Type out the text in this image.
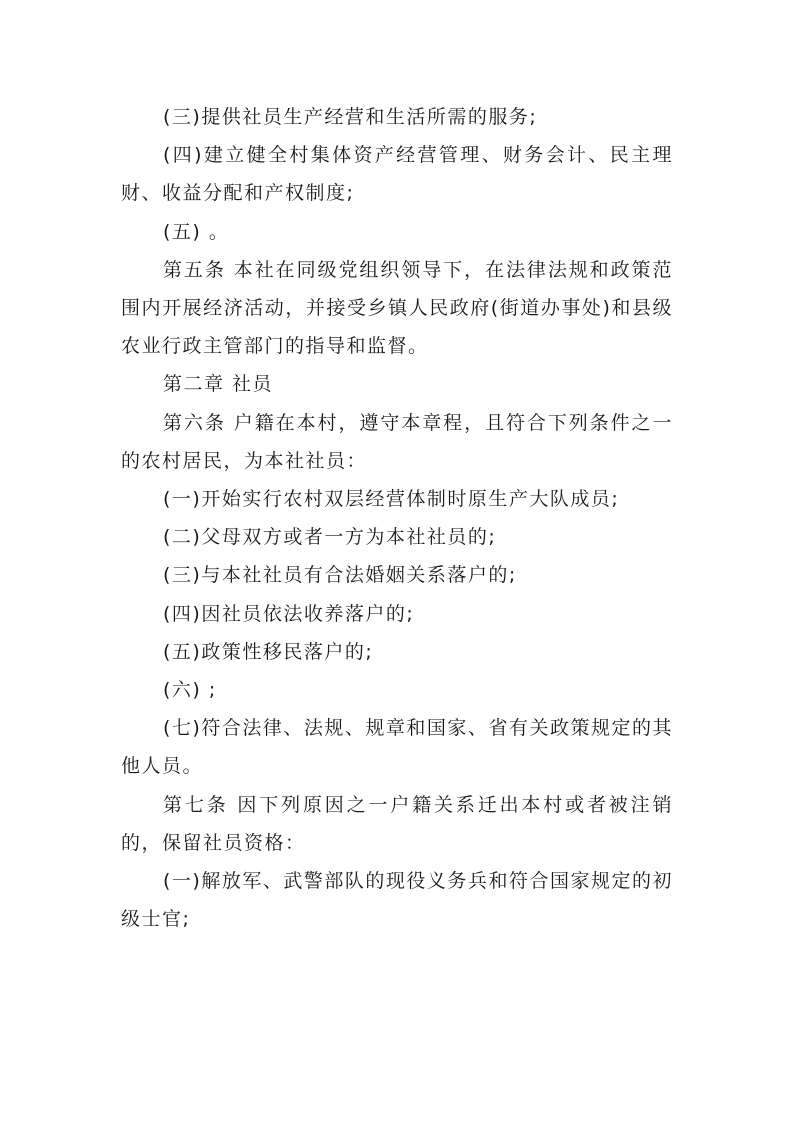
(三)提供社员生产经营和生活所需的服务;

(四)建立健全村集体资产经营管理、财务会计、民主理财、收益分配和产权制度;

(五) 。

第五条 本社在同级党组织领导下，在法律法规和政策范围内开展经济活动，并接受乡镇人民政府(街道办事处)和县级农业行政主管部门的指导和监督。

第二章 社员

第六条 户籍在本村，遵守本章程，且符合下列条件之一的农村居民，为本社社员：

(一)开始实行农村双层经营体制时原生产大队成员;

(二)父母双方或者一方为本社社员的;

(三)与本社社员有合法婚姻关系落户的;

(四)因社员依法收养落户的;

(五)政策性移民落户的;

(六) ;

(七)符合法律、法规、规章和国家、省有关政策规定的其他人员。

第七条 因下列原因之一户籍关系迁出本村或者被注销的，保留社员资格：

(一)解放军、武警部队的现役义务兵和符合国家规定的初级士官;
